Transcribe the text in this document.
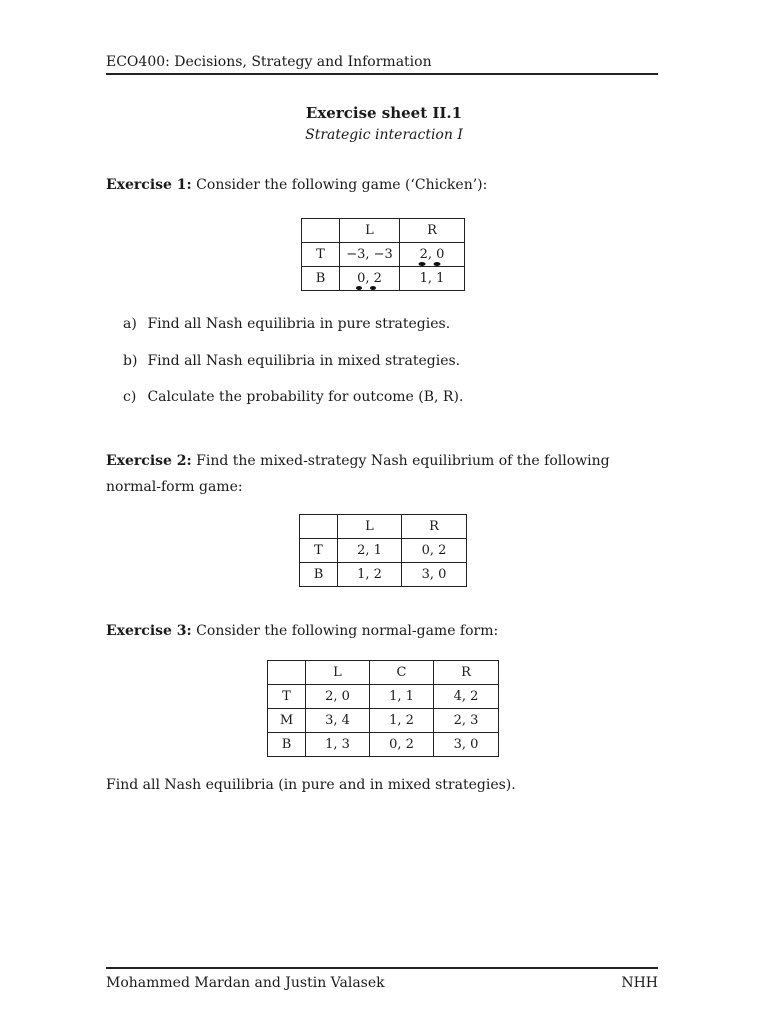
ECO400: Decisions, Strategy and Information
Exercise sheet II.1
Strategic interaction I
Exercise 1: Consider the following game (‘Chicken’):
	L	R
T	−3, −3	2, 0

B	0, 2	1, 1
a) Find all Nash equilibria in pure strategies.
b) Find all Nash equilibria in mixed strategies.
c) Calculate the probability for outcome (B, R).
Exercise 2: Find the mixed-strategy Nash equilibrium of the following normal-form game:
	L	R
T	2, 1	0, 2
B	1, 2	3, 0
Exercise 3: Consider the following normal-game form:
	L	C	R
T	2, 0	1, 1	4, 2
M	3, 4	1, 2	2, 3
B	1, 3	0, 2	3, 0
Find all Nash equilibria (in pure and in mixed strategies).
Mohammed Mardan and Justin Valasek	NHH
